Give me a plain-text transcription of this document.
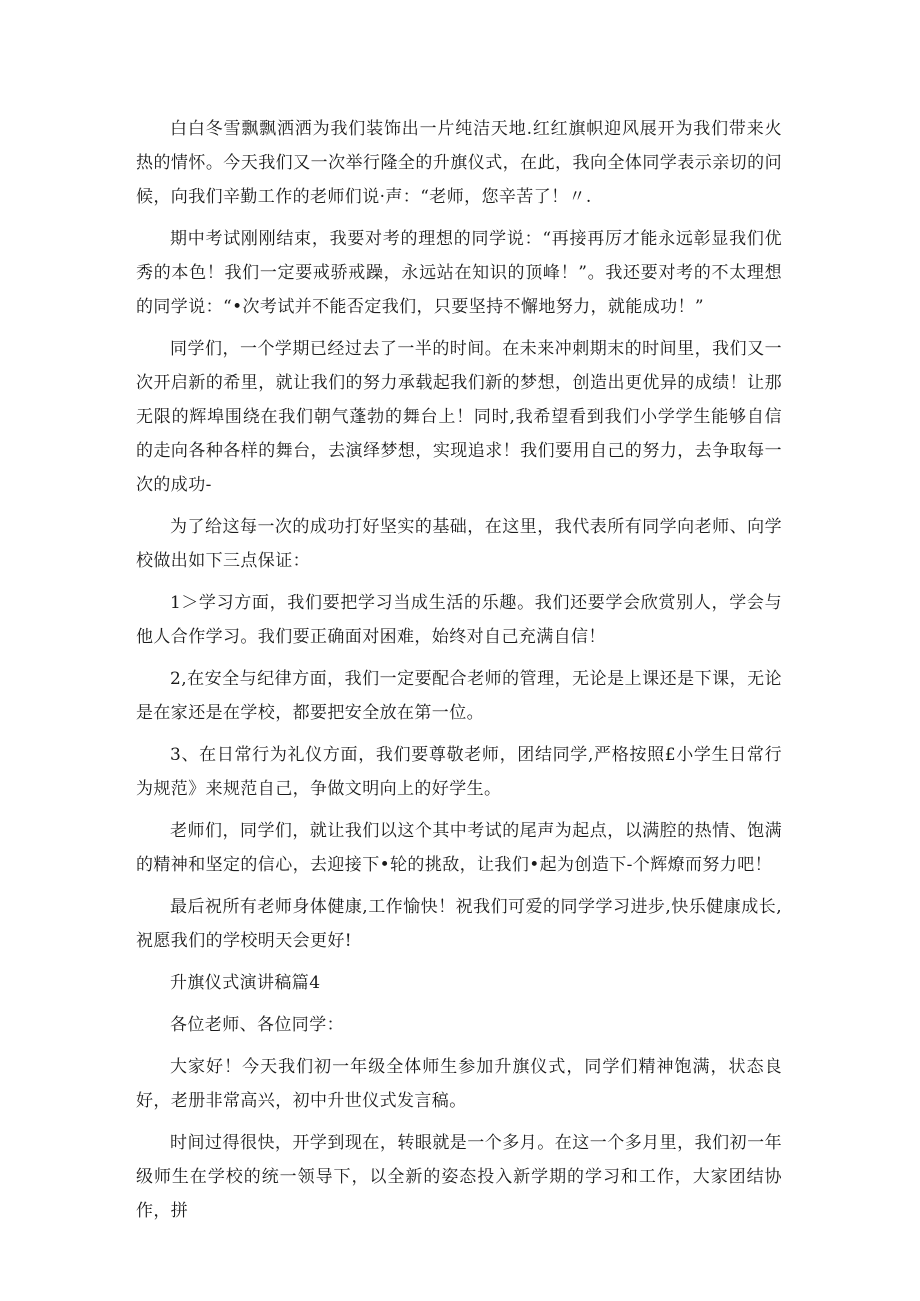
白白冬雪飘飘洒洒为我们装饰出一片纯洁天地.红红旗帜迎风展开为我们带来火热的情怀。今天我们又一次举行隆全的升旗仪式，在此，我向全体同学表示亲切的问候，向我们辛勤工作的老师们说·声：“老师，您辛苦了！〃.

期中考试刚刚结束，我要对考的理想的同学说：“再接再厉才能永远彰显我们优秀的本色！我们一定要戒骄戒躁，永远站在知识的顶峰！”。我还要对考的不太理想的同学说：“•次考试并不能否定我们，只要坚持不懈地努力，就能成功！”

同学们，一个学期已经过去了一半的时间。在未来冲刺期末的时间里，我们又一次开启新的希里，就让我们的努力承载起我们新的梦想，创造出更优异的成绩！让那无限的辉埠围绕在我们朝气蓬勃的舞台上！同时,我希望看到我们小学学生能够自信的走向各种各样的舞台，去演绎梦想，实现追求！我们要用自己的努力，去争取每一次的成功-

为了给这每一次的成功打好坚实的基础，在这里，我代表所有同学向老师、向学校做出如下三点保证：

1＞学习方面，我们要把学习当成生活的乐趣。我们还要学会欣赏别人，学会与他人合作学习。我们要正确面对困难，始终对自己充满自信！

2,在安全与纪律方面，我们一定要配合老师的管理，无论是上课还是下课，无论是在家还是在学校，都要把安全放在第一位。

3、在日常行为礼仪方面，我们要尊敬老师，团结同学,严格按照£小学生日常行为规范》来规范自己，争做文明向上的好学生。

老师们，同学们，就让我们以这个其中考试的尾声为起点，以满腔的热情、饱满的精神和坚定的信心，去迎接下•轮的挑敌，让我们•起为创造下-个辉燎而努力吧！

最后祝所有老师身体健康,工作愉快！祝我们可爱的同学学习进步,快乐健康成长,祝愿我们的学校明天会更好!

升旗仪式演讲稿篇4

各位老师、各位同学：

大家好！今天我们初一年级全体师生参加升旗仪式，同学们精神饱满，状态良好，老册非常高兴，初中升世仪式发言稿。

时间过得很快，开学到现在，转眼就是一个多月。在这一个多月里，我们初一年级师生在学校的统一领导下，以全新的姿态投入新学期的学习和工作，大家团结协作，拼
